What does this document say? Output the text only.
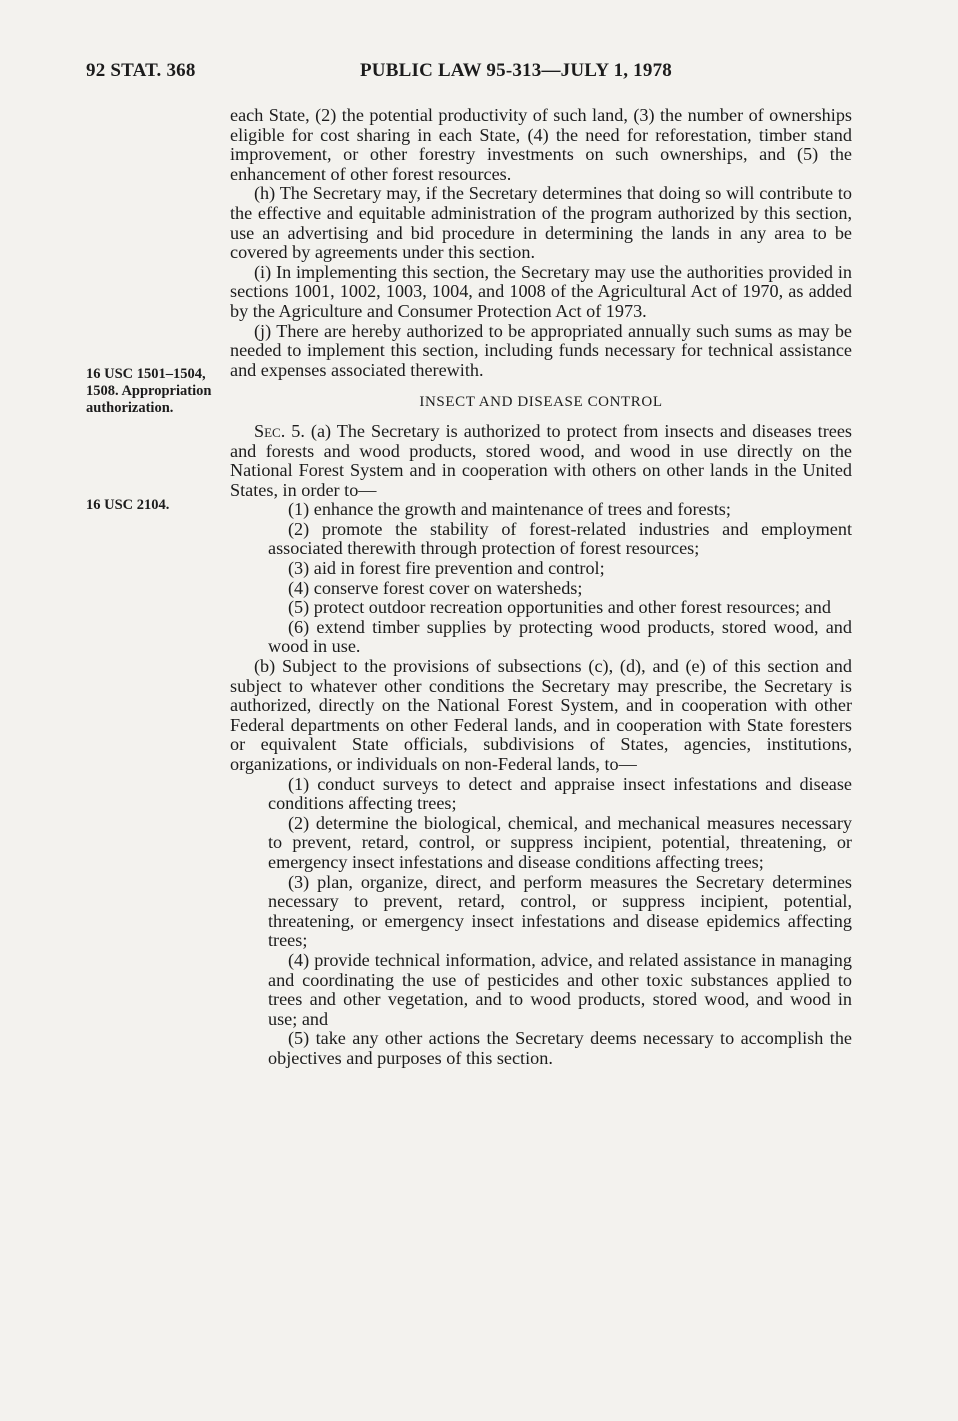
92 STAT. 368	PUBLIC LAW 95-313—JULY 1, 1978
16 USC 1501–1504, 1508. Appropriation authorization.
16 USC 2104.

each State, (2) the potential productivity of such land, (3) the number of ownerships eligible for cost sharing in each State, (4) the need for reforestation, timber stand improvement, or other forestry investments on such ownerships, and (5) the enhancement of other forest resources.

(h) The Secretary may, if the Secretary determines that doing so will contribute to the effective and equitable administration of the program authorized by this section, use an advertising and bid procedure in determining the lands in any area to be covered by agreements under this section.

(i) In implementing this section, the Secretary may use the authorities provided in sections 1001, 1002, 1003, 1004, and 1008 of the Agricultural Act of 1970, as added by the Agriculture and Consumer Protection Act of 1973.

(j) There are hereby authorized to be appropriated annually such sums as may be needed to implement this section, including funds necessary for technical assistance and expenses associated therewith.

INSECT AND DISEASE CONTROL

Sec. 5. (a) The Secretary is authorized to protect from insects and diseases trees and forests and wood products, stored wood, and wood in use directly on the National Forest System and in cooperation with others on other lands in the United States, in order to—

(1) enhance the growth and maintenance of trees and forests;

(2) promote the stability of forest-related industries and employment associated therewith through protection of forest resources;

(3) aid in forest fire prevention and control;

(4) conserve forest cover on watersheds;

(5) protect outdoor recreation opportunities and other forest resources; and

(6) extend timber supplies by protecting wood products, stored wood, and wood in use.

(b) Subject to the provisions of subsections (c), (d), and (e) of this section and subject to whatever other conditions the Secretary may prescribe, the Secretary is authorized, directly on the National Forest System, and in cooperation with other Federal departments on other Federal lands, and in cooperation with State foresters or equivalent State officials, subdivisions of States, agencies, institutions, organizations, or individuals on non-Federal lands, to—

(1) conduct surveys to detect and appraise insect infestations and disease conditions affecting trees;

(2) determine the biological, chemical, and mechanical measures necessary to prevent, retard, control, or suppress incipient, potential, threatening, or emergency insect infestations and disease conditions affecting trees;

(3) plan, organize, direct, and perform measures the Secretary determines necessary to prevent, retard, control, or suppress incipient, potential, threatening, or emergency insect infestations and disease epidemics affecting trees;

(4) provide technical information, advice, and related assistance in managing and coordinating the use of pesticides and other toxic substances applied to trees and other vegetation, and to wood products, stored wood, and wood in use; and

(5) take any other actions the Secretary deems necessary to accomplish the objectives and purposes of this section.
